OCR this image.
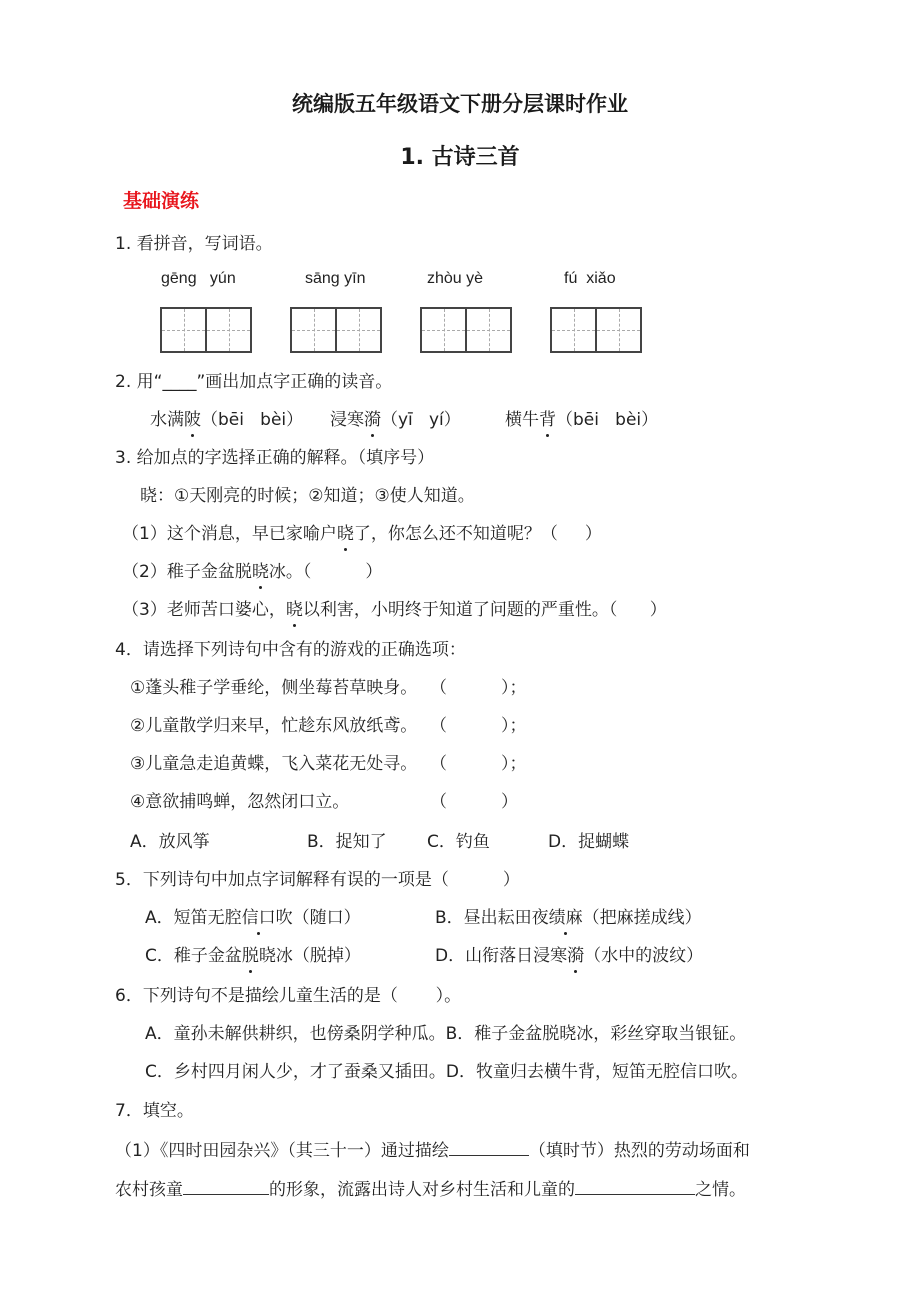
统编版五年级语文下册分层课时作业
1. 古诗三首
基础演练
1. 看拼音，写词语。
gēng   yún	sāng yīn	zhòu yè	fú  xiǎo
2. 用“____”画出加点字正确的读音。
水满陂（bēi   bèi） 浸寒漪（yī   yí）	横牛背（bēi   bèi）
3. 给加点的字选择正确的解释。（填序号）
晓：①天刚亮的时候；②知道；③使人知道。
（1）这个消息，早已家喻户晓了，你怎么还不知道呢？（     ）
（2）稚子金盆脱晓冰。（          ）
（3）老师苦口婆心，晓以利害，小明终于知道了问题的严重性。（      ）
4．请选择下列诗句中含有的游戏的正确选项：
①蓬头稚子学垂纶，侧坐莓苔草映身。 （          ）；
②儿童散学归来早，忙趁东风放纸鸢。 （          ）；
③儿童急走追黄蝶，飞入菜花无处寻。 （          ）；
④意欲捕鸣蝉，忽然闭口立。	（          ）
A．放风筝	B．捉知了 C．钓鱼	D．捉蝴蝶
5．下列诗句中加点字词解释有误的一项是（          ）
A．短笛无腔信口吹（随口）	B．昼出耘田夜绩麻（把麻搓成线）
C．稚子金盆脱晓冰（脱掉）	D．山衔落日浸寒漪（水中的波纹）
6．下列诗句不是描绘儿童生活的是（       ）。
A．童孙未解供耕织，也傍桑阴学种瓜。B．稚子金盆脱晓冰，彩丝穿取当银钲。
C．乡村四月闲人少，才了蚕桑又插田。D．牧童归去横牛背，短笛无腔信口吹。
7．填空。
（1）《四时田园杂兴》（其三十一）通过描绘	（填时节）热烈的劳动场面和
农村孩童	的形象，流露出诗人对乡村生活和儿童的	之情。
